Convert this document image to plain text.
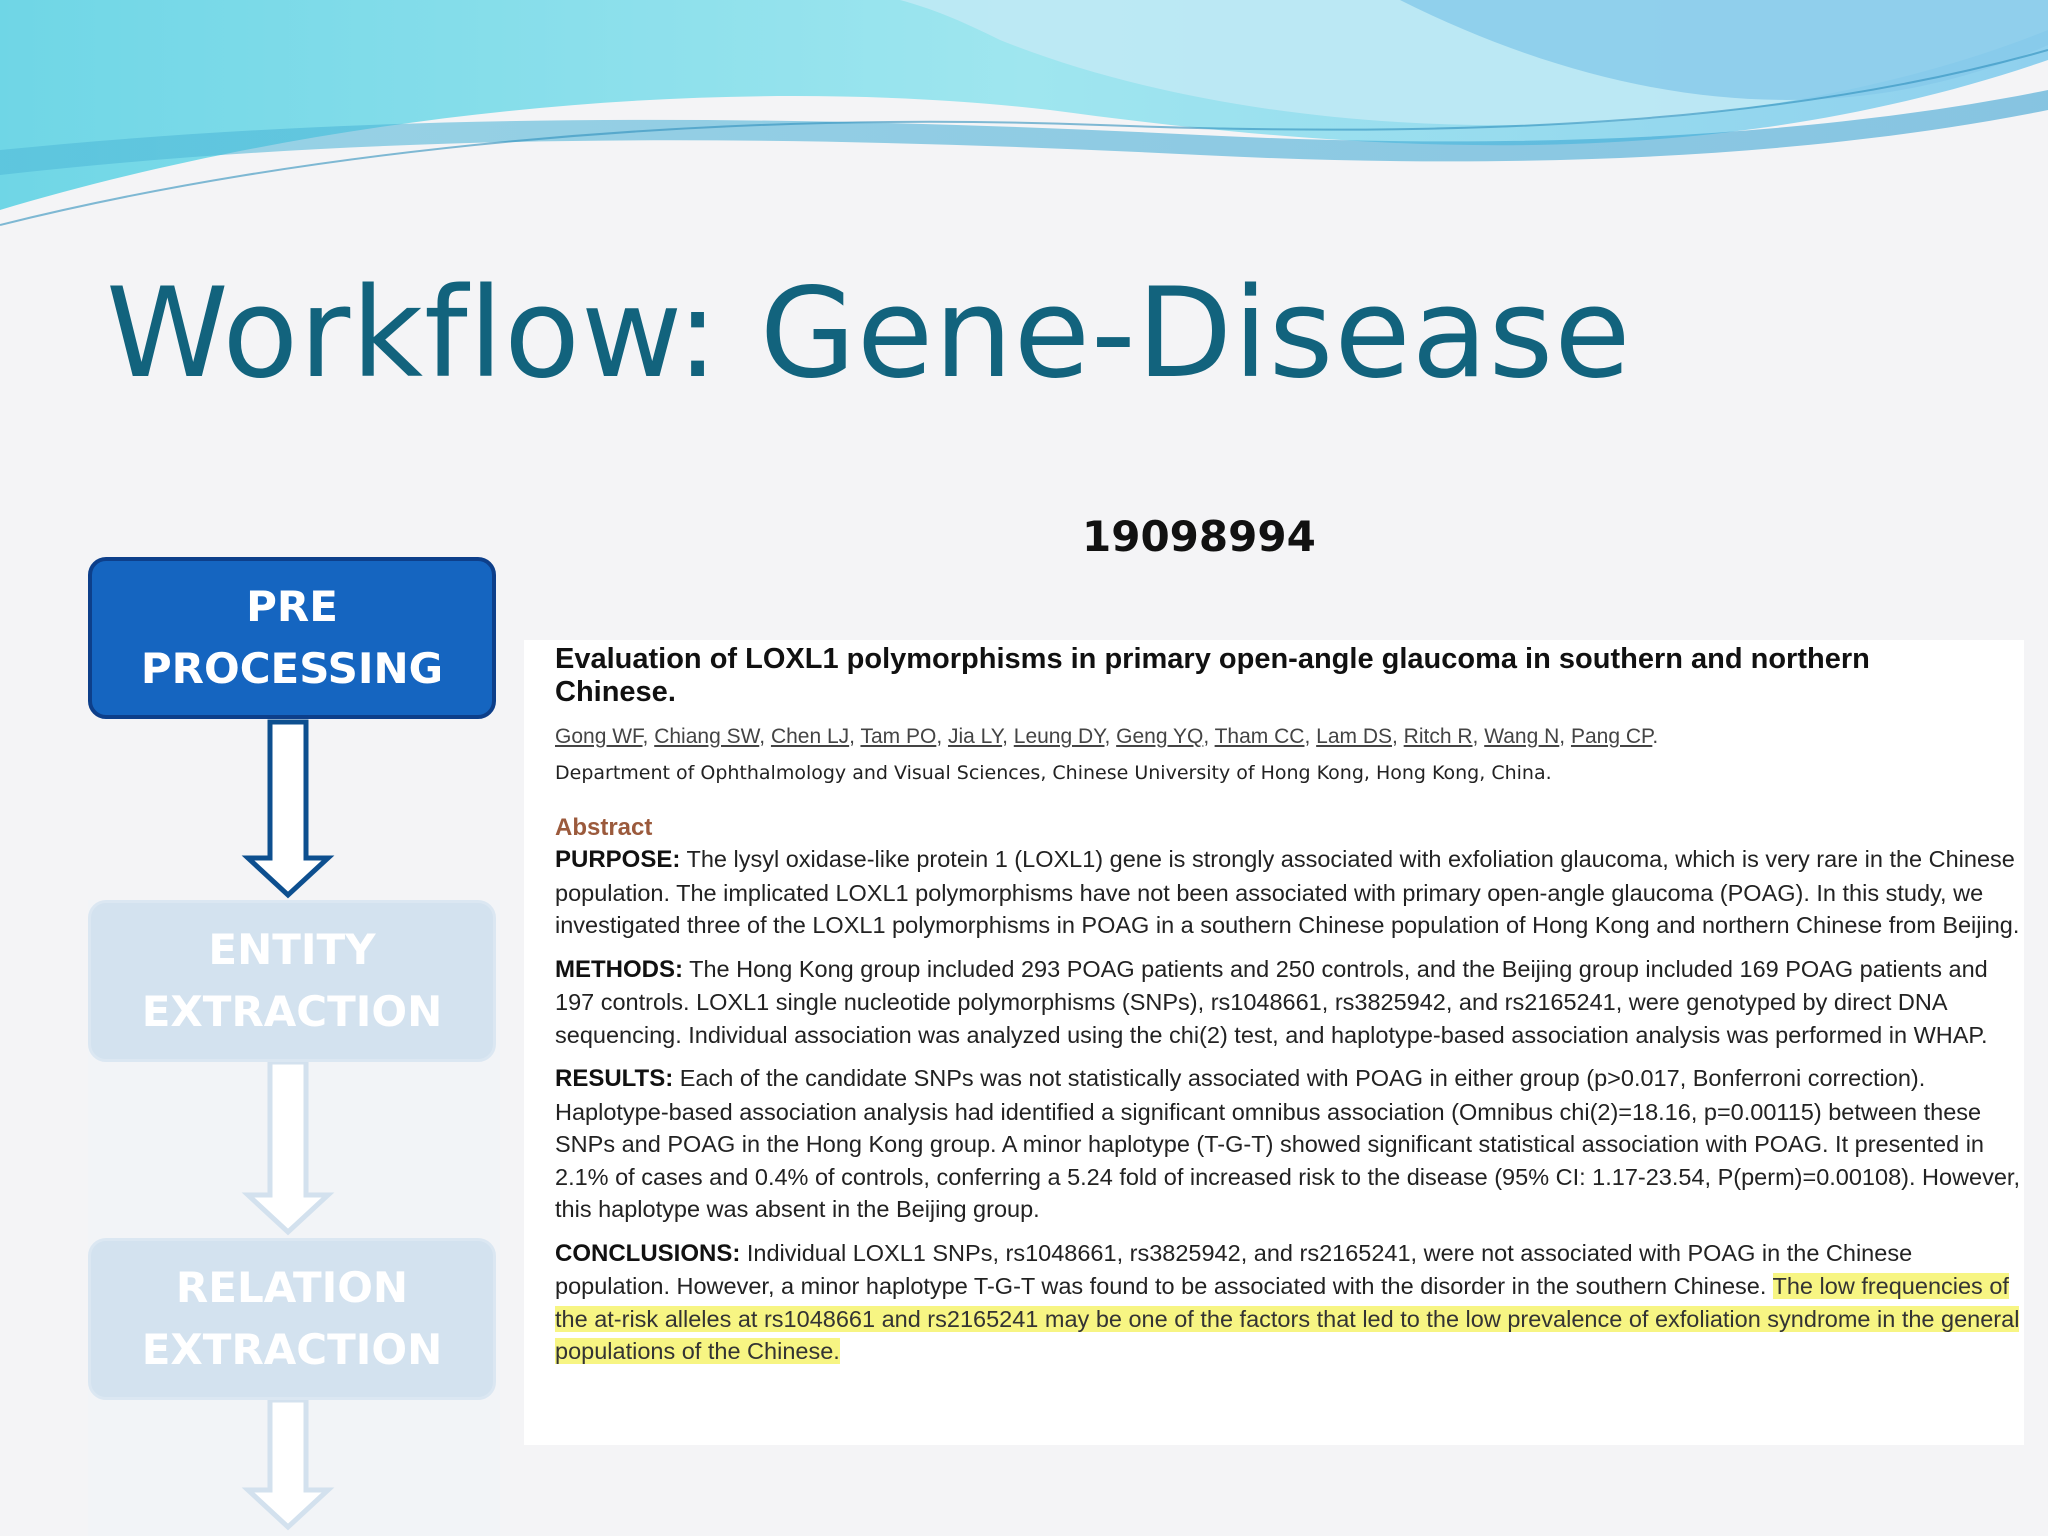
Workflow: Gene-Disease
19098994
PRE
PROCESSING
ENTITY
EXTRACTION
RELATION
EXTRACTION
Evaluation of LOXL1 polymorphisms in primary open-angle glaucoma in southern and northern Chinese.
Gong WF, Chiang SW, Chen LJ, Tam PO, Jia LY, Leung DY, Geng YQ, Tham CC, Lam DS, Ritch R, Wang N, Pang CP.
Department of Ophthalmology and Visual Sciences, Chinese University of Hong Kong, Hong Kong, China.
Abstract
PURPOSE: The lysyl oxidase-like protein 1 (LOXL1) gene is strongly associated with exfoliation glaucoma, which is very rare in the Chinese population. The implicated LOXL1 polymorphisms have not been associated with primary open-angle glaucoma (POAG). In this study, we investigated three of the LOXL1 polymorphisms in POAG in a southern Chinese population of Hong Kong and northern Chinese from Beijing.
METHODS: The Hong Kong group included 293 POAG patients and 250 controls, and the Beijing group included 169 POAG patients and 197 controls. LOXL1 single nucleotide polymorphisms (SNPs), rs1048661, rs3825942, and rs2165241, were genotyped by direct DNA sequencing. Individual association was analyzed using the chi(2) test, and haplotype-based association analysis was performed in WHAP.
RESULTS: Each of the candidate SNPs was not statistically associated with POAG in either group (p>0.017, Bonferroni correction). Haplotype-based association analysis had identified a significant omnibus association (Omnibus chi(2)=18.16, p=0.00115) between these SNPs and POAG in the Hong Kong group. A minor haplotype (T-G-T) showed significant statistical association with POAG. It presented in 2.1% of cases and 0.4% of controls, conferring a 5.24 fold of increased risk to the disease (95% CI: 1.17-23.54, P(perm)=0.00108). However, this haplotype was absent in the Beijing group.
CONCLUSIONS: Individual LOXL1 SNPs, rs1048661, rs3825942, and rs2165241, were not associated with POAG in the Chinese population. However, a minor haplotype T-G-T was found to be associated with the disorder in the southern Chinese. The low frequencies of the at-risk alleles at rs1048661 and rs2165241 may be one of the factors that led to the low prevalence of exfoliation syndrome in the general populations of the Chinese.
